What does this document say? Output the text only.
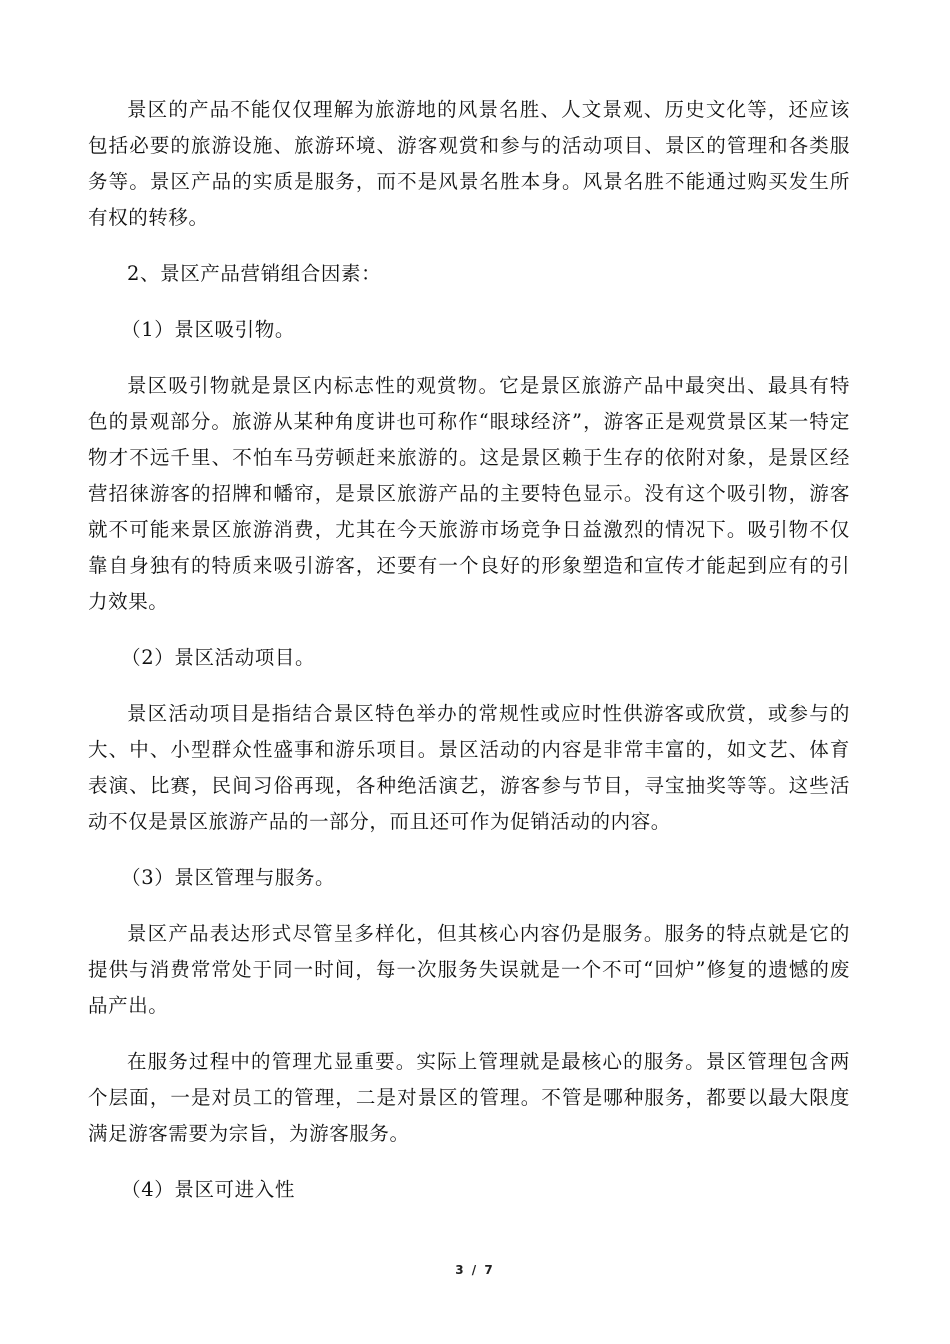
景区的产品不能仅仅理解为旅游地的风景名胜、人文景观、历史文化等，还应该包括必要的旅游设施、旅游环境、游客观赏和参与的活动项目、景区的管理和各类服务等。景区产品的实质是服务，而不是风景名胜本身。风景名胜不能通过购买发生所有权的转移。

2、景区产品营销组合因素：

（1）景区吸引物。

景区吸引物就是景区内标志性的观赏物。它是景区旅游产品中最突出、最具有特色的景观部分。旅游从某种角度讲也可称作“眼球经济”，游客正是观赏景区某一特定物才不远千里、不怕车马劳顿赶来旅游的。这是景区赖于生存的依附对象，是景区经营招徕游客的招牌和幡帘，是景区旅游产品的主要特色显示。没有这个吸引物，游客就不可能来景区旅游消费，尤其在今天旅游市场竞争日益激烈的情况下。吸引物不仅靠自身独有的特质来吸引游客，还要有一个良好的形象塑造和宣传才能起到应有的引力效果。

（2）景区活动项目。

景区活动项目是指结合景区特色举办的常规性或应时性供游客或欣赏，或参与的大、中、小型群众性盛事和游乐项目。景区活动的内容是非常丰富的，如文艺、体育表演、比赛，民间习俗再现，各种绝活演艺，游客参与节目，寻宝抽奖等等。这些活动不仅是景区旅游产品的一部分，而且还可作为促销活动的内容。

（3）景区管理与服务。

景区产品表达形式尽管呈多样化，但其核心内容仍是服务。服务的特点就是它的提供与消费常常处于同一时间，每一次服务失误就是一个不可“回炉”修复的遗憾的废品产出。

在服务过程中的管理尤显重要。实际上管理就是最核心的服务。景区管理包含两个层面，一是对员工的管理，二是对景区的管理。不管是哪种服务，都要以最大限度满足游客需要为宗旨，为游客服务。

（4）景区可进入性

3 / 7
